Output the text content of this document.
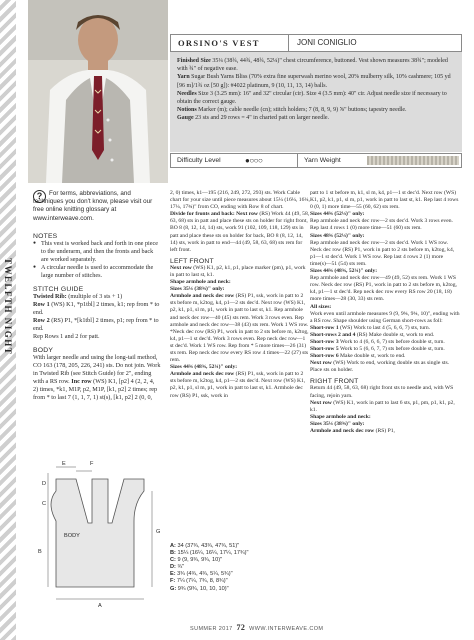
ORSINO'S VEST	JONI CONIGLIO

Finished Size 35¼ (38¾, 44¾, 48¾, 52¼)" chest circumference, buttoned. Vest shown measures 38¾"; modeled with ¾" of negative ease.

Yarn Sugar Bush Yarns Bliss (70% extra fine superwash merino wool, 20% mulberry silk, 10% cashmere; 105 yd [96 m]/1¾ oz [50 g]): #4022 platinum, 9 (10, 11, 13, 14) balls.

Needles Size 3 (3.25 mm): 16" and 32" circular (cir). Size 4 (3.5 mm): 40" cir. Adjust needle size if necessary to obtain the correct gauge.

Notions Marker (m); cable needle (cn); stitch holders; 7 (8, 8, 9, 9) ⅝" buttons; tapestry needle.

Gauge 23 sts and 29 rows = 4" in charted patt on larger needle.

Difficulty Level	●○○○	Yarn Weight
TWELFTH NIGHT
?	For terms, abbreviations, and techniques you don't know, please visit our free online knitting glossary at www.interweave.com.
NOTES
● This vest is worked back and forth in one piece to the underarm, and then the fronts and back are worked separately.
● A circular needle is used to accommodate the large number of stitches.
STITCH GUIDE
Twisted Rib: (multiple of 3 sts + 1)
Row 1 (WS) K1, *p1tbl] 2 times, k1; rep from * to end.
Row 2 (RS) P1, *[k1tbl] 2 times, p1; rep from * to end.
Rep Rows 1 and 2 for patt.
BODY
With larger needle and using the long-tail method, CO 163 (178, 205, 226, 241) sts. Do not join. Work in Twisted Rib (see Stitch Guide) for 2", ending with a RS row. Inc row (WS) K1, [p2] 4 (2, 2, 4, 2) times, *k1, M1P, p2, M1P, [k1, p2] 2 times; rep from * to last 7 (1, 1, 7, 1) st(s), [k1, p2] 2 (0, 0,
D
E	F
C
G
BODY
B
A
2, 0) times, k1—195 (216, 249, 272, 293) sts. Work Cable chart for your size until piece measures about 15¼ (16¼, 16¼, 17¼, 17¾)" from CO, ending with Row 8 of chart.
Divide for fronts and back: Next row (RS) Work 44 (49, 58, 63, 68) sts in patt and place these sts on holder for right front, BO 8 (8, 12, 14, 14) sts, work 91 (102, 109, 118, 129) sts in patt and place these sts on holder for back, BO 8 (8, 12, 14, 14) sts, work in patt to end—44 (49, 58, 63, 68) sts rem for left front.
LEFT FRONT
Next row (WS) K1, p2, k1, p1, place marker (pm), p1, work in patt to last st, k1.
Shape armhole and neck:
Sizes 35¼ (38¾)" only:
Armhole and neck dec row (RS) P1, ssk, work in patt to 2 sts before m, k2tog, k4, p1—2 sts dec'd. Next row (WS) K1, p2, k1, p1, sl m, p1, work in patt to last st, k1. Rep armhole and neck dec row—40 (45) sts rem. Work 3 rows even. Rep armhole and neck dec row—38 (43) sts rem. Work 1 WS row. *Neck dec row (RS) P1, work in patt to 2 sts before m, k2tog, k4, p1—1 st dec'd. Work 3 rows even. Rep neck dec row—1 st dec'd. Work 1 WS row. Rep from * 5 more times—26 (31) sts rem. Rep neck dec row every RS row 4 times—22 (27) sts rem.
Sizes 44¾ (48¾, 52¼)" only:
Armhole and neck dec row (RS) P1, ssk, work in patt to 2 sts before m, k2tog, k4, p1—2 sts dec'd. Next row (WS) K1, p2, k1, p1, sl m, p1, work in patt to last st, k1. Armhole dec row (RS) P1, ssk, work in
A: 34 (37¾, 43¾, 47¾, 51)"
B: 15¼ (16¼, 16¼, 17¼, 17¾)"
C: 9 (9, 9¾, 9¾, 10)"
D: ¾"
E: 3¾ (4¾, 4¾, 5¼, 5¾)"
F: 7¼ (7¼, 7¾, 8, 8¾)"
G: 9¾ (9¾, 10, 10, 10)"
patt to 1 st before m, k1, sl m, k4, p1—1 st dec'd. Next row (WS) K1, p2, k1, p1, sl m, p1, work in patt to last st, k1. Rep last 4 rows 0 (0, 1) more time—55 (60, 62) sts rem.
Sizes 44¾ (52¼)" only:
Rep armhole and neck dec row—2 sts dec'd. Work 3 rows even. Rep last 4 rows 1 (0) more time—51 (60) sts rem.
Sizes 48¾ (52¼)" only:
Rep armhole and neck dec row—2 sts dec'd. Work 1 WS row. Neck dec row (RS) P1, work in patt to 2 sts before m, k2tog, k4, p1—1 st dec'd. Work 1 WS row. Rep last 4 rows 2 (1) more time(s)—51 (54) sts rem.
Sizes 44¾ (48¾, 52¼)" only:
Rep armhole and neck dec row—49 (49, 52) sts rem. Work 1 WS row. Neck dec row (RS) P1, work in patt to 2 sts before m, k2tog, k4, p1—1 st dec'd. Rep neck dec row every RS row 20 (18, 18) more times—28 (30, 33) sts rem.
All sizes:
Work even until armhole measures 9 (9, 9¾, 9¾, 10)", ending with a RS row. Shape shoulder using German short-rows as foll:
Short-row 1 (WS) Work to last 4 (5, 6, 6, 7) sts, turn.
Short-rows 2 and 4 (RS) Make double st, work to end.
Short-row 3 Work to 4 (6, 6, 6, 7) sts before double st, turn.
Short-row 5 Work to 5 (6, 6, 7, 7) sts before double st, turn.
Short-row 6 Make double st, work to end.
Next row (WS) Work to end, working double sts as single sts. Place sts on holder.
RIGHT FRONT
Return 44 (49, 58, 63, 68) right front sts to needle and, with WS facing, rejoin yarn.
Next row (WS) K1, work in patt to last 6 sts, p1, pm, p1, k1, p2, k1.
Shape armhole and neck:
Sizes 35¼ (38¾)" only:
Armhole and neck dec row (RS) P1,
SUMMER 2017 72 WWW.INTERWEAVE.COM
